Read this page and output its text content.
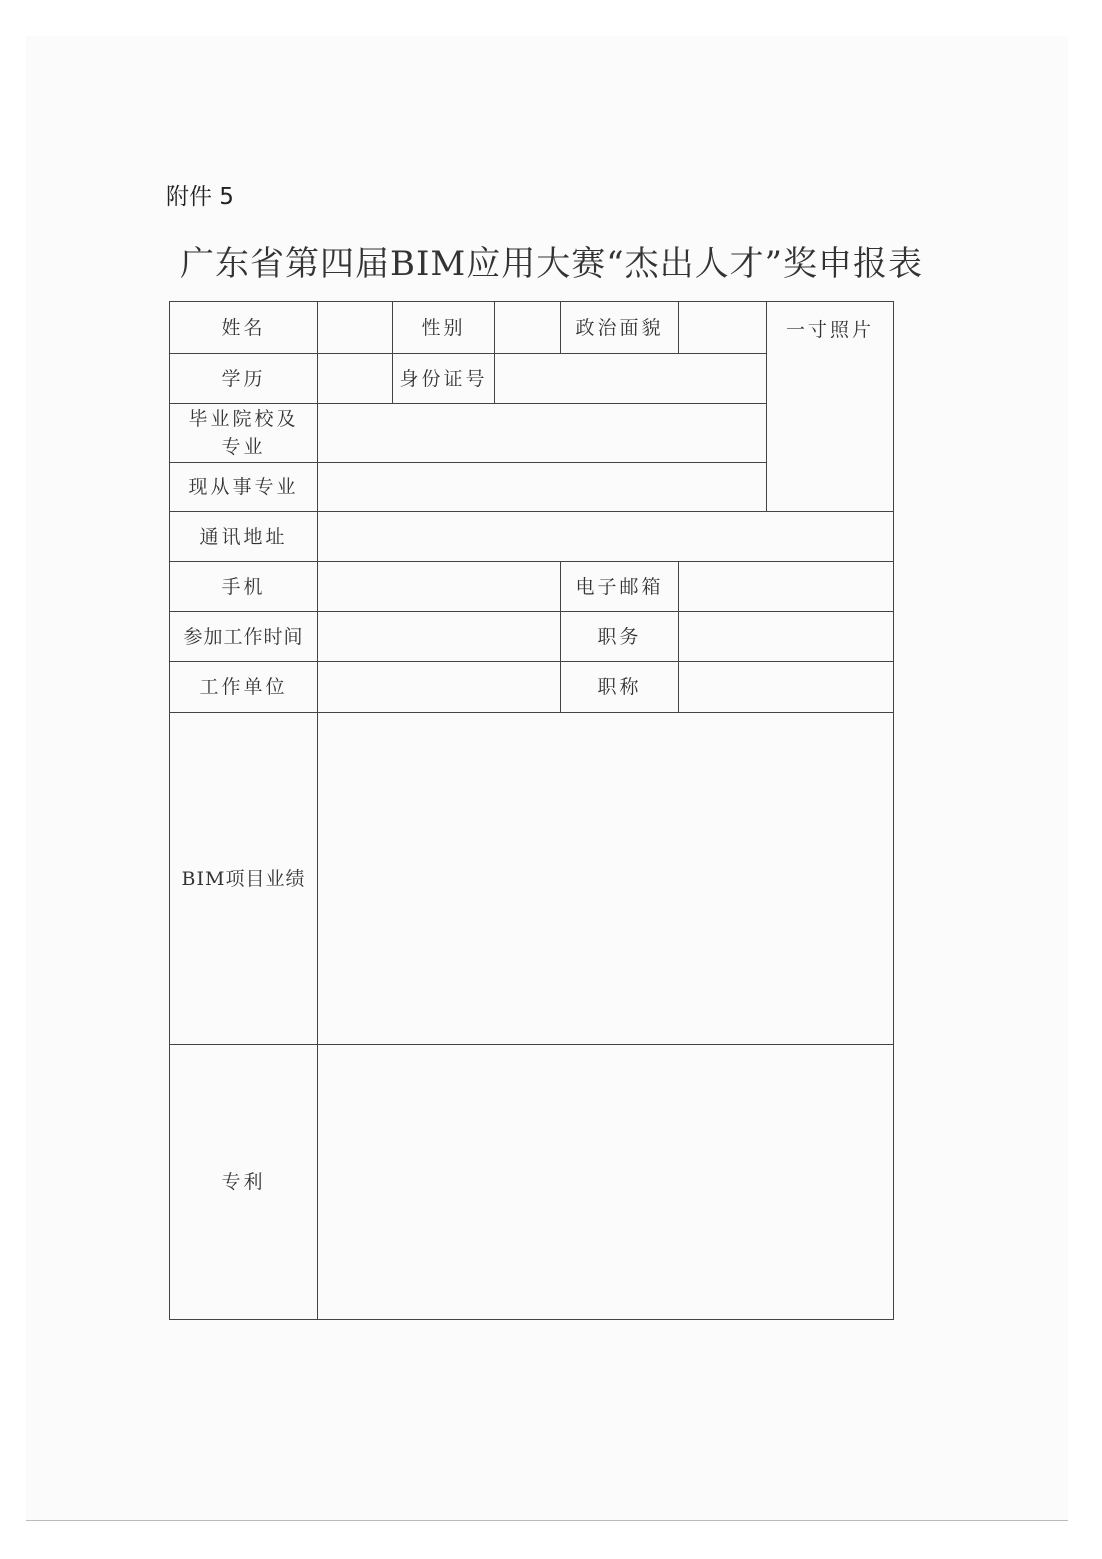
附件 5
广东省第四届BIM应用大赛“杰出人才”奖申报表
姓名	性别	政治面貌	一寸照片
学历	身份证号
毕业院校及专业
现从事专业
通讯地址
手机	电子邮箱
参加工作时间	职务
工作单位	职称
BIM项目业绩
专利
